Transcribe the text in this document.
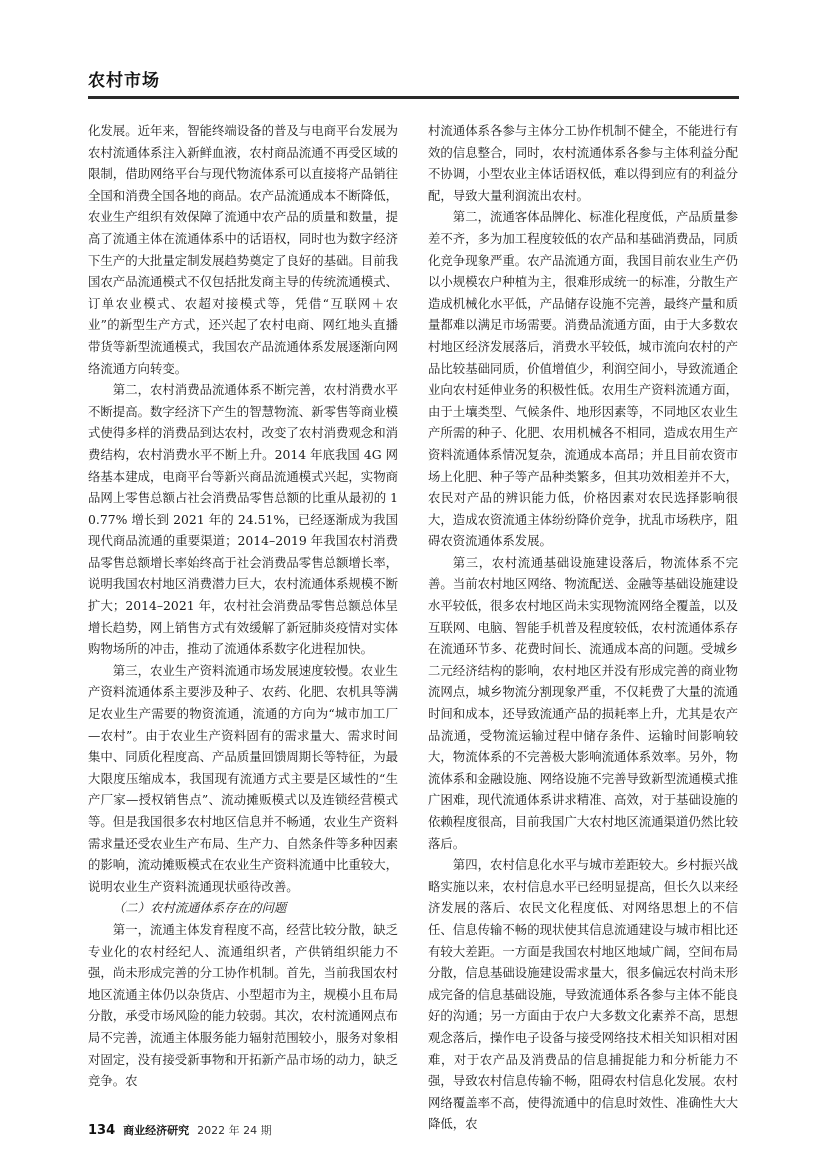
农村市场

化发展。近年来，智能终端设备的普及与电商平台发展为农村流通体系注入新鲜血液，农村商品流通不再受区域的限制，借助网络平台与现代物流体系可以直接将产品销往全国和消费全国各地的商品。农产品流通成本不断降低，农业生产组织有效保障了流通中农产品的质量和数量，提高了流通主体在流通体系中的话语权，同时也为数字经济下生产的大批量定制发展趋势奠定了良好的基础。目前我国农产品流通模式不仅包括批发商主导的传统流通模式、订单农业模式、农超对接模式等，凭借“互联网＋农业”的新型生产方式，还兴起了农村电商、网红地头直播带货等新型流通模式，我国农产品流通体系发展逐渐向网络流通方向转变。

第二，农村消费品流通体系不断完善，农村消费水平不断提高。数字经济下产生的智慧物流、新零售等商业模式使得多样的消费品到达农村，改变了农村消费观念和消费结构，农村消费水平不断上升。2014 年底我国 4G 网络基本建成，电商平台等新兴商品流通模式兴起，实物商品网上零售总额占社会消费品零售总额的比重从最初的 10.77% 增长到 2021 年的 24.51%，已经逐渐成为我国现代商品流通的重要渠道；2014–2019 年我国农村消费品零售总额增长率始终高于社会消费品零售总额增长率，说明我国农村地区消费潜力巨大，农村流通体系规模不断扩大；2014–2021 年，农村社会消费品零售总额总体呈增长趋势，网上销售方式有效缓解了新冠肺炎疫情对实体购物场所的冲击，推动了流通体系数字化进程加快。

第三，农业生产资料流通市场发展速度较慢。农业生产资料流通体系主要涉及种子、农药、化肥、农机具等满足农业生产需要的物资流通，流通的方向为“城市加工厂—农村”。由于农业生产资料固有的需求量大、需求时间集中、同质化程度高、产品质量回馈周期长等特征，为最大限度压缩成本，我国现有流通方式主要是区域性的“生产厂家—授权销售点”、流动摊贩模式以及连锁经营模式等。但是我国很多农村地区信息并不畅通，农业生产资料需求量还受农业生产布局、生产力、自然条件等多种因素的影响，流动摊贩模式在农业生产资料流通中比重较大，说明农业生产资料流通现状亟待改善。

（二）农村流通体系存在的问题

第一，流通主体发育程度不高，经营比较分散，缺乏专业化的农村经纪人、流通组织者，产供销组织能力不强，尚未形成完善的分工协作机制。首先，当前我国农村地区流通主体仍以杂货店、小型超市为主，规模小且布局分散，承受市场风险的能力较弱。其次，农村流通网点布局不完善，流通主体服务能力辐射范围较小，服务对象相对固定，没有接受新事物和开拓新产品市场的动力，缺乏竞争。农

村流通体系各参与主体分工协作机制不健全，不能进行有效的信息整合，同时，农村流通体系各参与主体利益分配不协调，小型农业主体话语权低，难以得到应有的利益分配，导致大量利润流出农村。

第二，流通客体品牌化、标准化程度低，产品质量参差不齐，多为加工程度较低的农产品和基础消费品，同质化竞争现象严重。农产品流通方面，我国目前农业生产仍以小规模农户种植为主，很难形成统一的标准，分散生产造成机械化水平低，产品储存设施不完善，最终产量和质量都难以满足市场需要。消费品流通方面，由于大多数农村地区经济发展落后，消费水平较低，城市流向农村的产品比较基础同质，价值增值少，利润空间小，导致流通企业向农村延伸业务的积极性低。农用生产资料流通方面，由于土壤类型、气候条件、地形因素等，不同地区农业生产所需的种子、化肥、农用机械各不相同，造成农用生产资料流通体系情况复杂，流通成本高昂；并且目前农资市场上化肥、种子等产品种类繁多，但其功效相差并不大，农民对产品的辨识能力低，价格因素对农民选择影响很大，造成农资流通主体纷纷降价竞争，扰乱市场秩序，阻碍农资流通体系发展。

第三，农村流通基础设施建设落后，物流体系不完善。当前农村地区网络、物流配送、金融等基础设施建设水平较低，很多农村地区尚未实现物流网络全覆盖，以及互联网、电脑、智能手机普及程度较低，农村流通体系存在流通环节多、花费时间长、流通成本高的问题。受城乡二元经济结构的影响，农村地区并没有形成完善的商业物流网点，城乡物流分割现象严重，不仅耗费了大量的流通时间和成本，还导致流通产品的损耗率上升，尤其是农产品流通，受物流运输过程中储存条件、运输时间影响较大，物流体系的不完善极大影响流通体系效率。另外，物流体系和金融设施、网络设施不完善导致新型流通模式推广困难，现代流通体系讲求精准、高效，对于基础设施的依赖程度很高，目前我国广大农村地区流通渠道仍然比较落后。

第四，农村信息化水平与城市差距较大。乡村振兴战略实施以来，农村信息水平已经明显提高，但长久以来经济发展的落后、农民文化程度低、对网络思想上的不信任、信息传输不畅的现状使其信息流通建设与城市相比还有较大差距。一方面是我国农村地区地域广阔，空间布局分散，信息基础设施建设需求量大，很多偏远农村尚未形成完备的信息基础设施，导致流通体系各参与主体不能良好的沟通；另一方面由于农户大多数文化素养不高，思想观念落后，操作电子设备与接受网络技术相关知识相对困难，对于农产品及消费品的信息捕捉能力和分析能力不强，导致农村信息传输不畅，阻碍农村信息化发展。农村网络覆盖率不高，使得流通中的信息时效性、准确性大大降低，农

134 商业经济研究 2022 年 24 期
